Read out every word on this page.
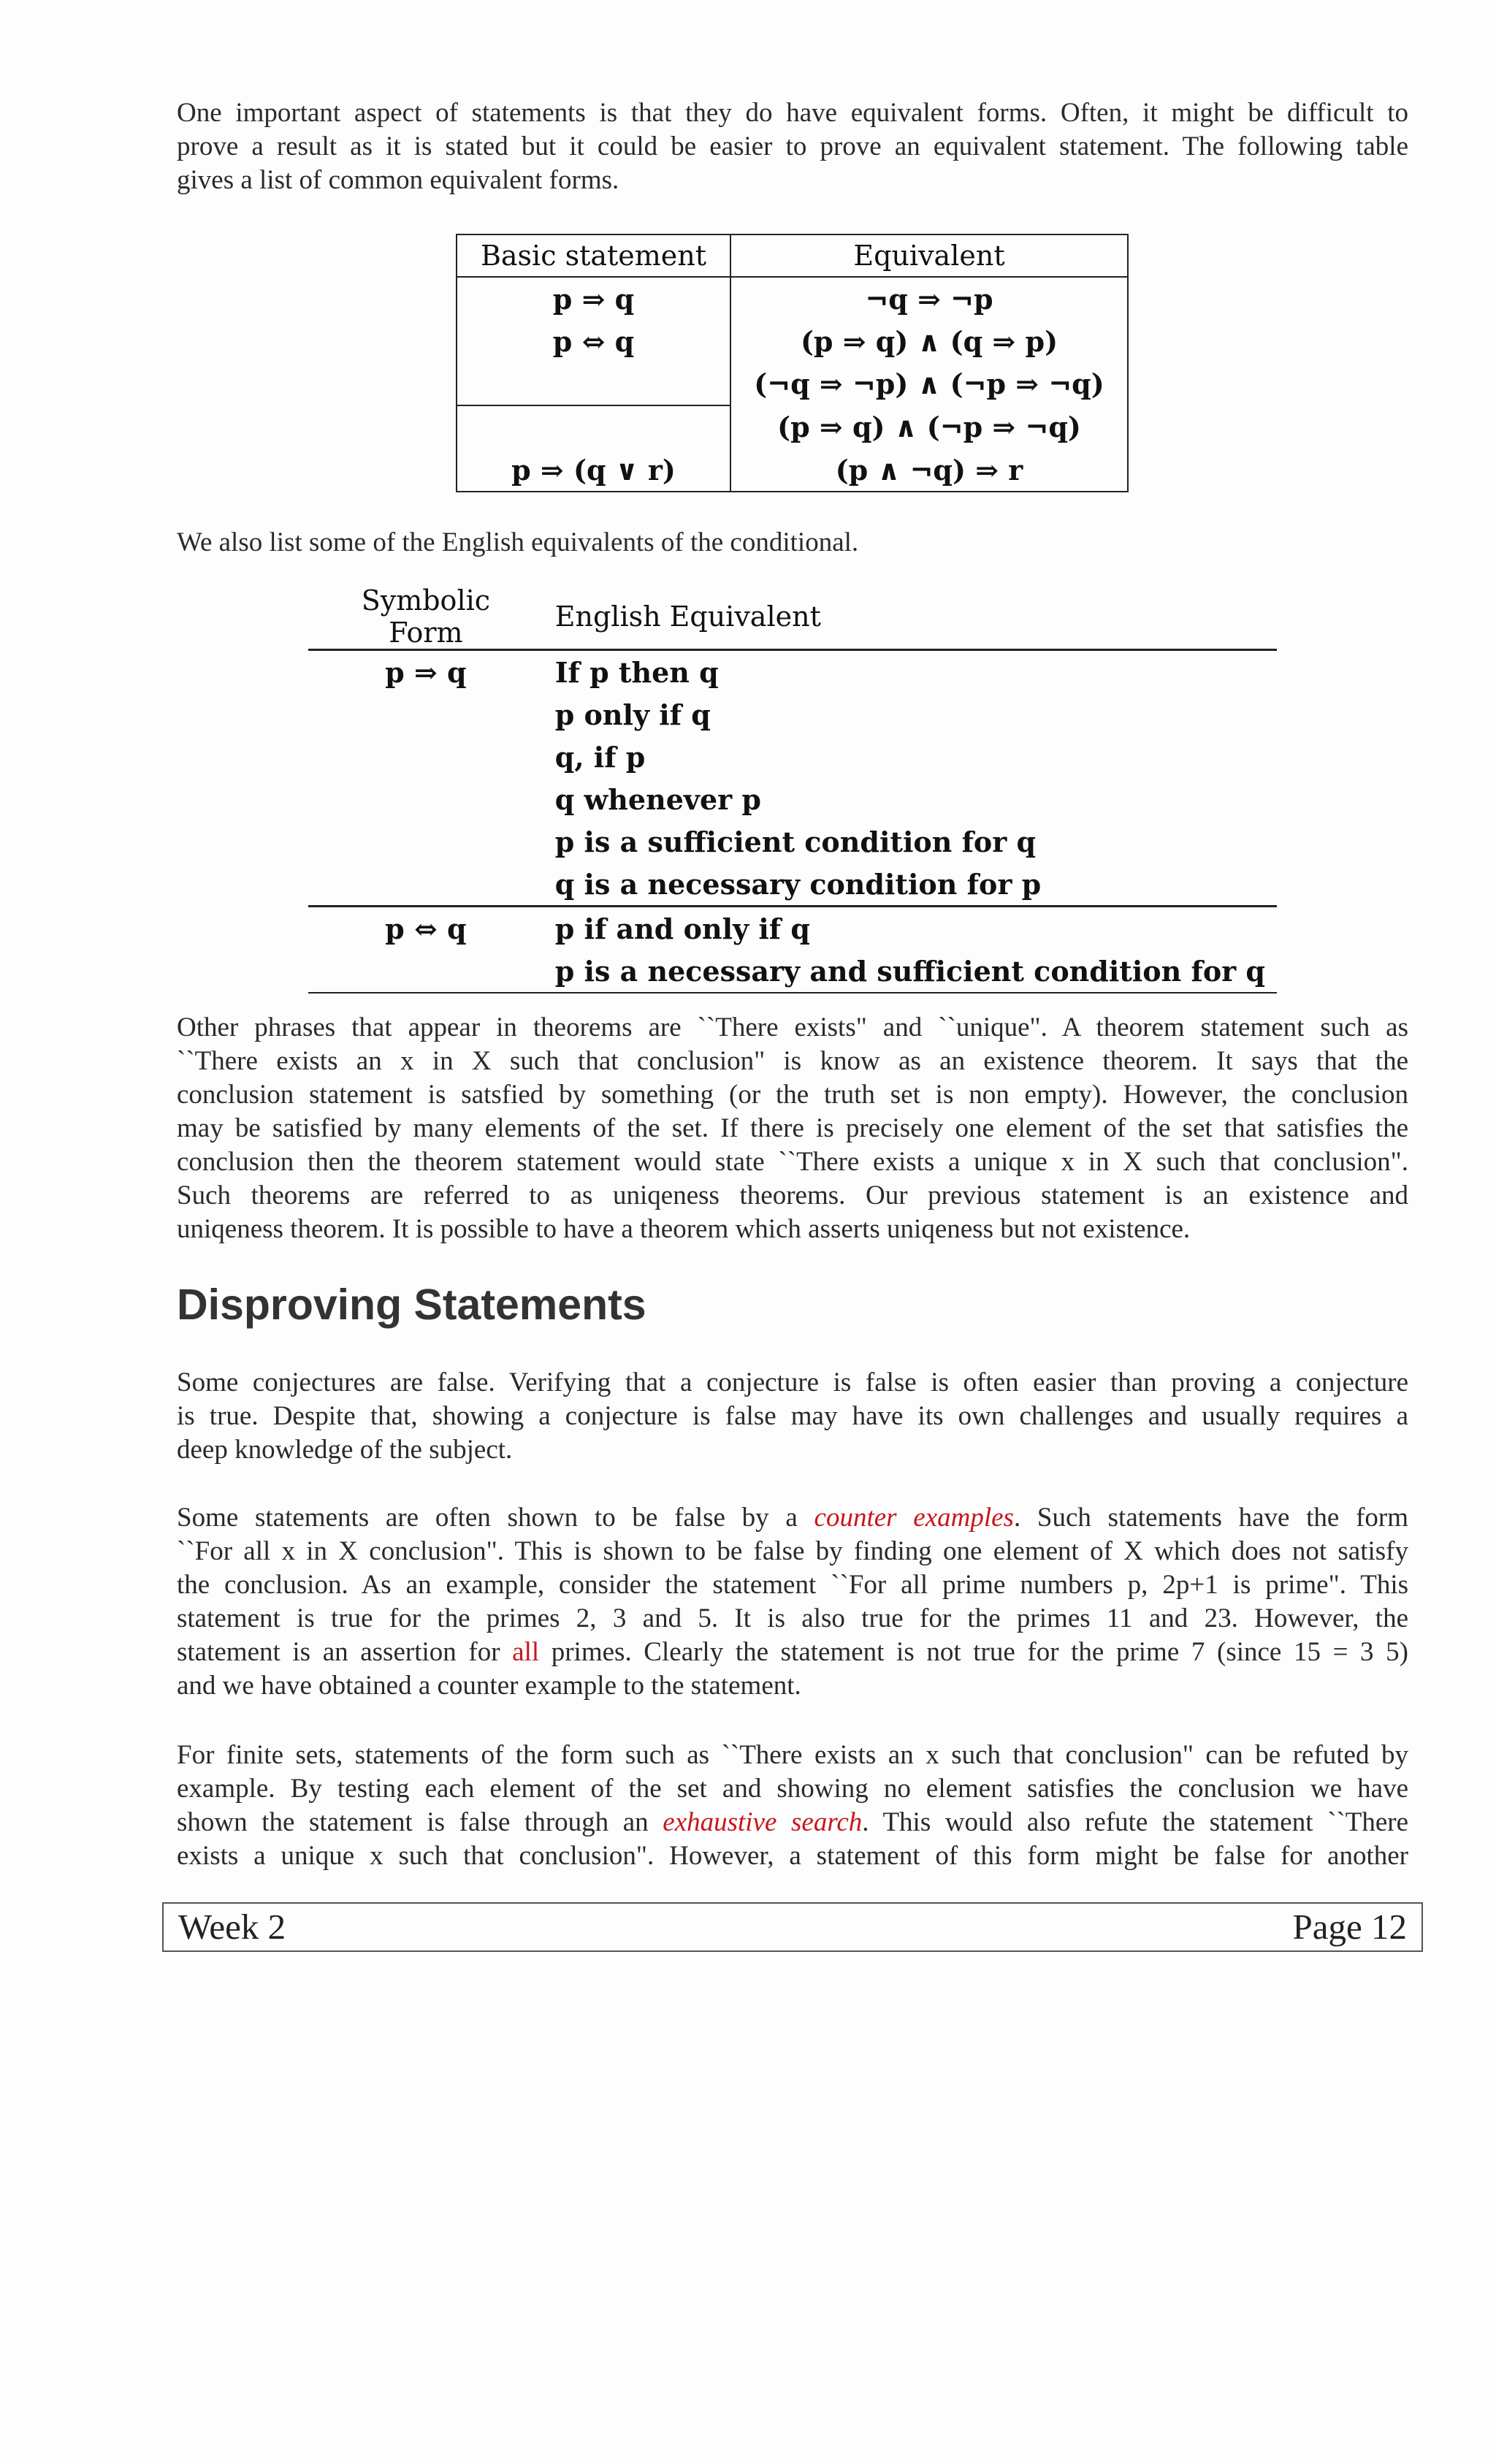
One important aspect of statements is that they do have equivalent forms. Often, it might be difficult to
prove a result as it is stated but it could be easier to prove an equivalent statement. The following table
gives a list of common equivalent forms.
Basic statement	Equivalent
p ⇒ q	¬q ⇒ ¬p
p ⇔ q	(p ⇒ q) ∧ (q ⇒ p)
	(¬q ⇒ ¬p) ∧ (¬p ⇒ ¬q)
	(p ⇒ q) ∧ (¬p ⇒ ¬q)
p ⇒ (q ∨ r)	(p ∧ ¬q) ⇒ r
We also list some of the English equivalents of the conditional.
Symbolic Form	English Equivalent
p ⇒ q	If p then q
	p only if q
	q, if p
	q whenever p
	p is a sufficient condition for q
	q is a necessary condition for p
p ⇔ q	p if and only if q
	p is a necessary and sufficient condition for q
Other phrases that appear in theorems are ``There exists" and ``unique". A theorem statement such as
``There exists an x in X such that conclusion" is know as an existence theorem. It says that the
conclusion statement is satsfied by something (or the truth set is non empty). However, the conclusion
may be satisfied by many elements of the set. If there is precisely one element of the set that satisfies the
conclusion then the theorem statement would state ``There exists a unique x in X such that conclusion".
Such theorems are referred to as uniqeness theorems. Our previous statement is an existence and
uniqeness theorem. It is possible to have a theorem which asserts uniqeness but not existence.
Disproving Statements
Some conjectures are false. Verifying that a conjecture is false is often easier than proving a conjecture
is true. Despite that, showing a conjecture is false may have its own challenges and usually requires a
deep knowledge of the subject.
Some statements are often shown to be false by a counter examples. Such statements have the form
``For all x in X conclusion". This is shown to be false by finding one element of X which does not satisfy
the conclusion. As an example, consider the statement ``For all prime numbers p, 2p+1 is prime". This
statement is true for the primes 2, 3 and 5. It is also true for the primes 11 and 23. However, the
statement is an assertion for all primes. Clearly the statement is not true for the prime 7 (since 15 = 3 5)
and we have obtained a counter example to the statement.
For finite sets, statements of the form such as ``There exists an x such that conclusion" can be refuted by
example. By testing each element of the set and showing no element satisfies the conclusion we have
shown the statement is false through an exhaustive search. This would also refute the statement ``There
exists a unique x such that conclusion". However, a statement of this form might be false for another
Week 2	Page 12
